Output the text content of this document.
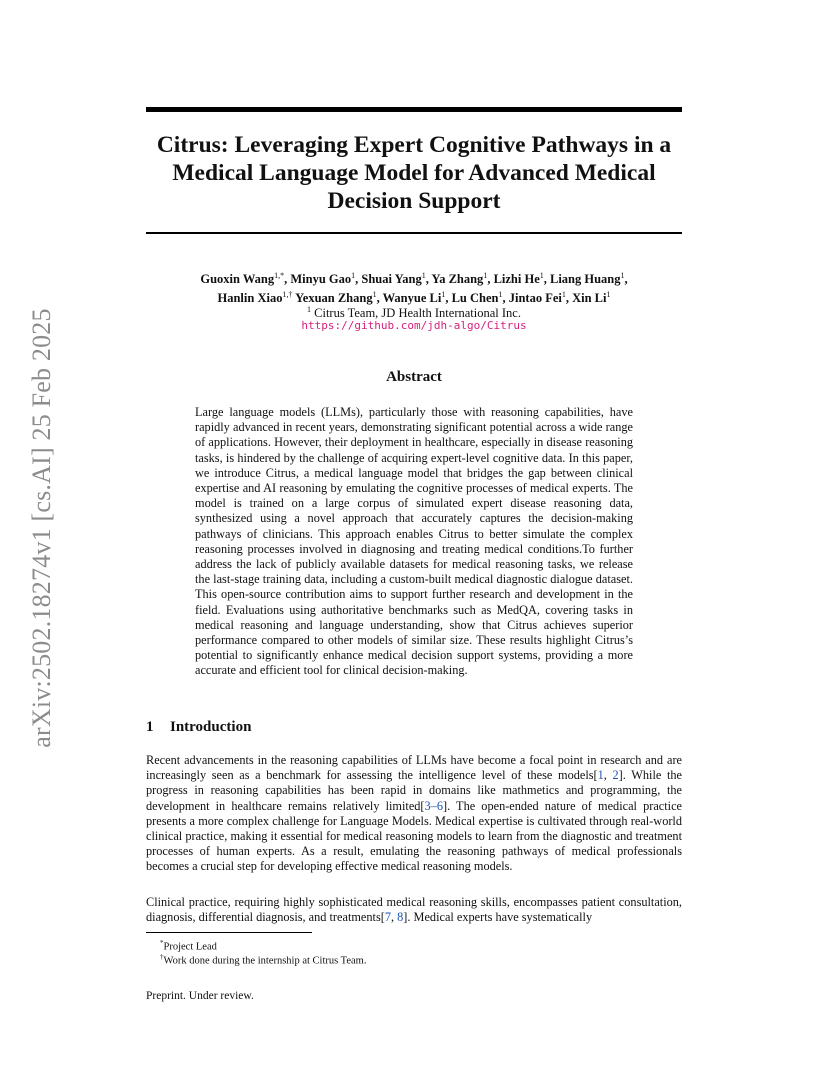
arXiv:2502.18274v1 [cs.AI] 25 Feb 2025
Citrus: Leveraging Expert Cognitive Pathways in a Medical Language Model for Advanced Medical Decision Support
Guoxin Wang$^{1,*}$, Minyu Gao$^1$, Shuai Yang$^1$, Ya Zhang$^1$, Lizhi He$^1$, Liang Huang$^1$,
Hanlin Xiao$^{1,\dagger}$ Yexuan Zhang$^1$, Wanyue Li$^1$, Lu Chen$^1$, Jintao Fei$^1$, Xin Li$^1$
$^1$ Citrus Team, JD Health International Inc.
https://github.com/jdh-algo/Citrus
Abstract
Large language models (LLMs), particularly those with reasoning capabilities, have rapidly advanced in recent years, demonstrating significant potential across a wide range of applications. However, their deployment in healthcare, especially in disease reasoning tasks, is hindered by the challenge of acquiring expert-level cognitive data. In this paper, we introduce Citrus, a medical language model that bridges the gap between clinical expertise and AI reasoning by emulating the cognitive processes of medical experts. The model is trained on a large corpus of simulated expert disease reasoning data, synthesized using a novel approach that accurately captures the decision-making pathways of clinicians. This approach enables Citrus to better simulate the complex reasoning processes involved in diagnosing and treating medical conditions.To further address the lack of publicly available datasets for medical reasoning tasks, we release the last-stage training data, including a custom-built medical diagnostic dialogue dataset. This open-source contribution aims to support further research and development in the field. Evaluations using authoritative benchmarks such as MedQA, covering tasks in medical reasoning and language understanding, show that Citrus achieves superior performance compared to other models of similar size. These results highlight Citrus’s potential to significantly enhance medical decision support systems, providing a more accurate and efficient tool for clinical decision-making.
1 Introduction
Recent advancements in the reasoning capabilities of LLMs have become a focal point in research and are increasingly seen as a benchmark for assessing the intelligence level of these models[1, 2]. While the progress in reasoning capabilities has been rapid in domains like mathmetics and programming, the development in healthcare remains relatively limited[3–6]. The open-ended nature of medical practice presents a more complex challenge for Language Models. Medical expertise is cultivated through real-world clinical practice, making it essential for medical reasoning models to learn from the diagnostic and treatment processes of human experts. As a result, emulating the reasoning pathways of medical professionals becomes a crucial step for developing effective medical reasoning models.
Clinical practice, requiring highly sophisticated medical reasoning skills, encompasses patient consultation, diagnosis, differential diagnosis, and treatments[7, 8]. Medical experts have systematically
*Project Lead
†Work done during the internship at Citrus Team.
Preprint. Under review.
